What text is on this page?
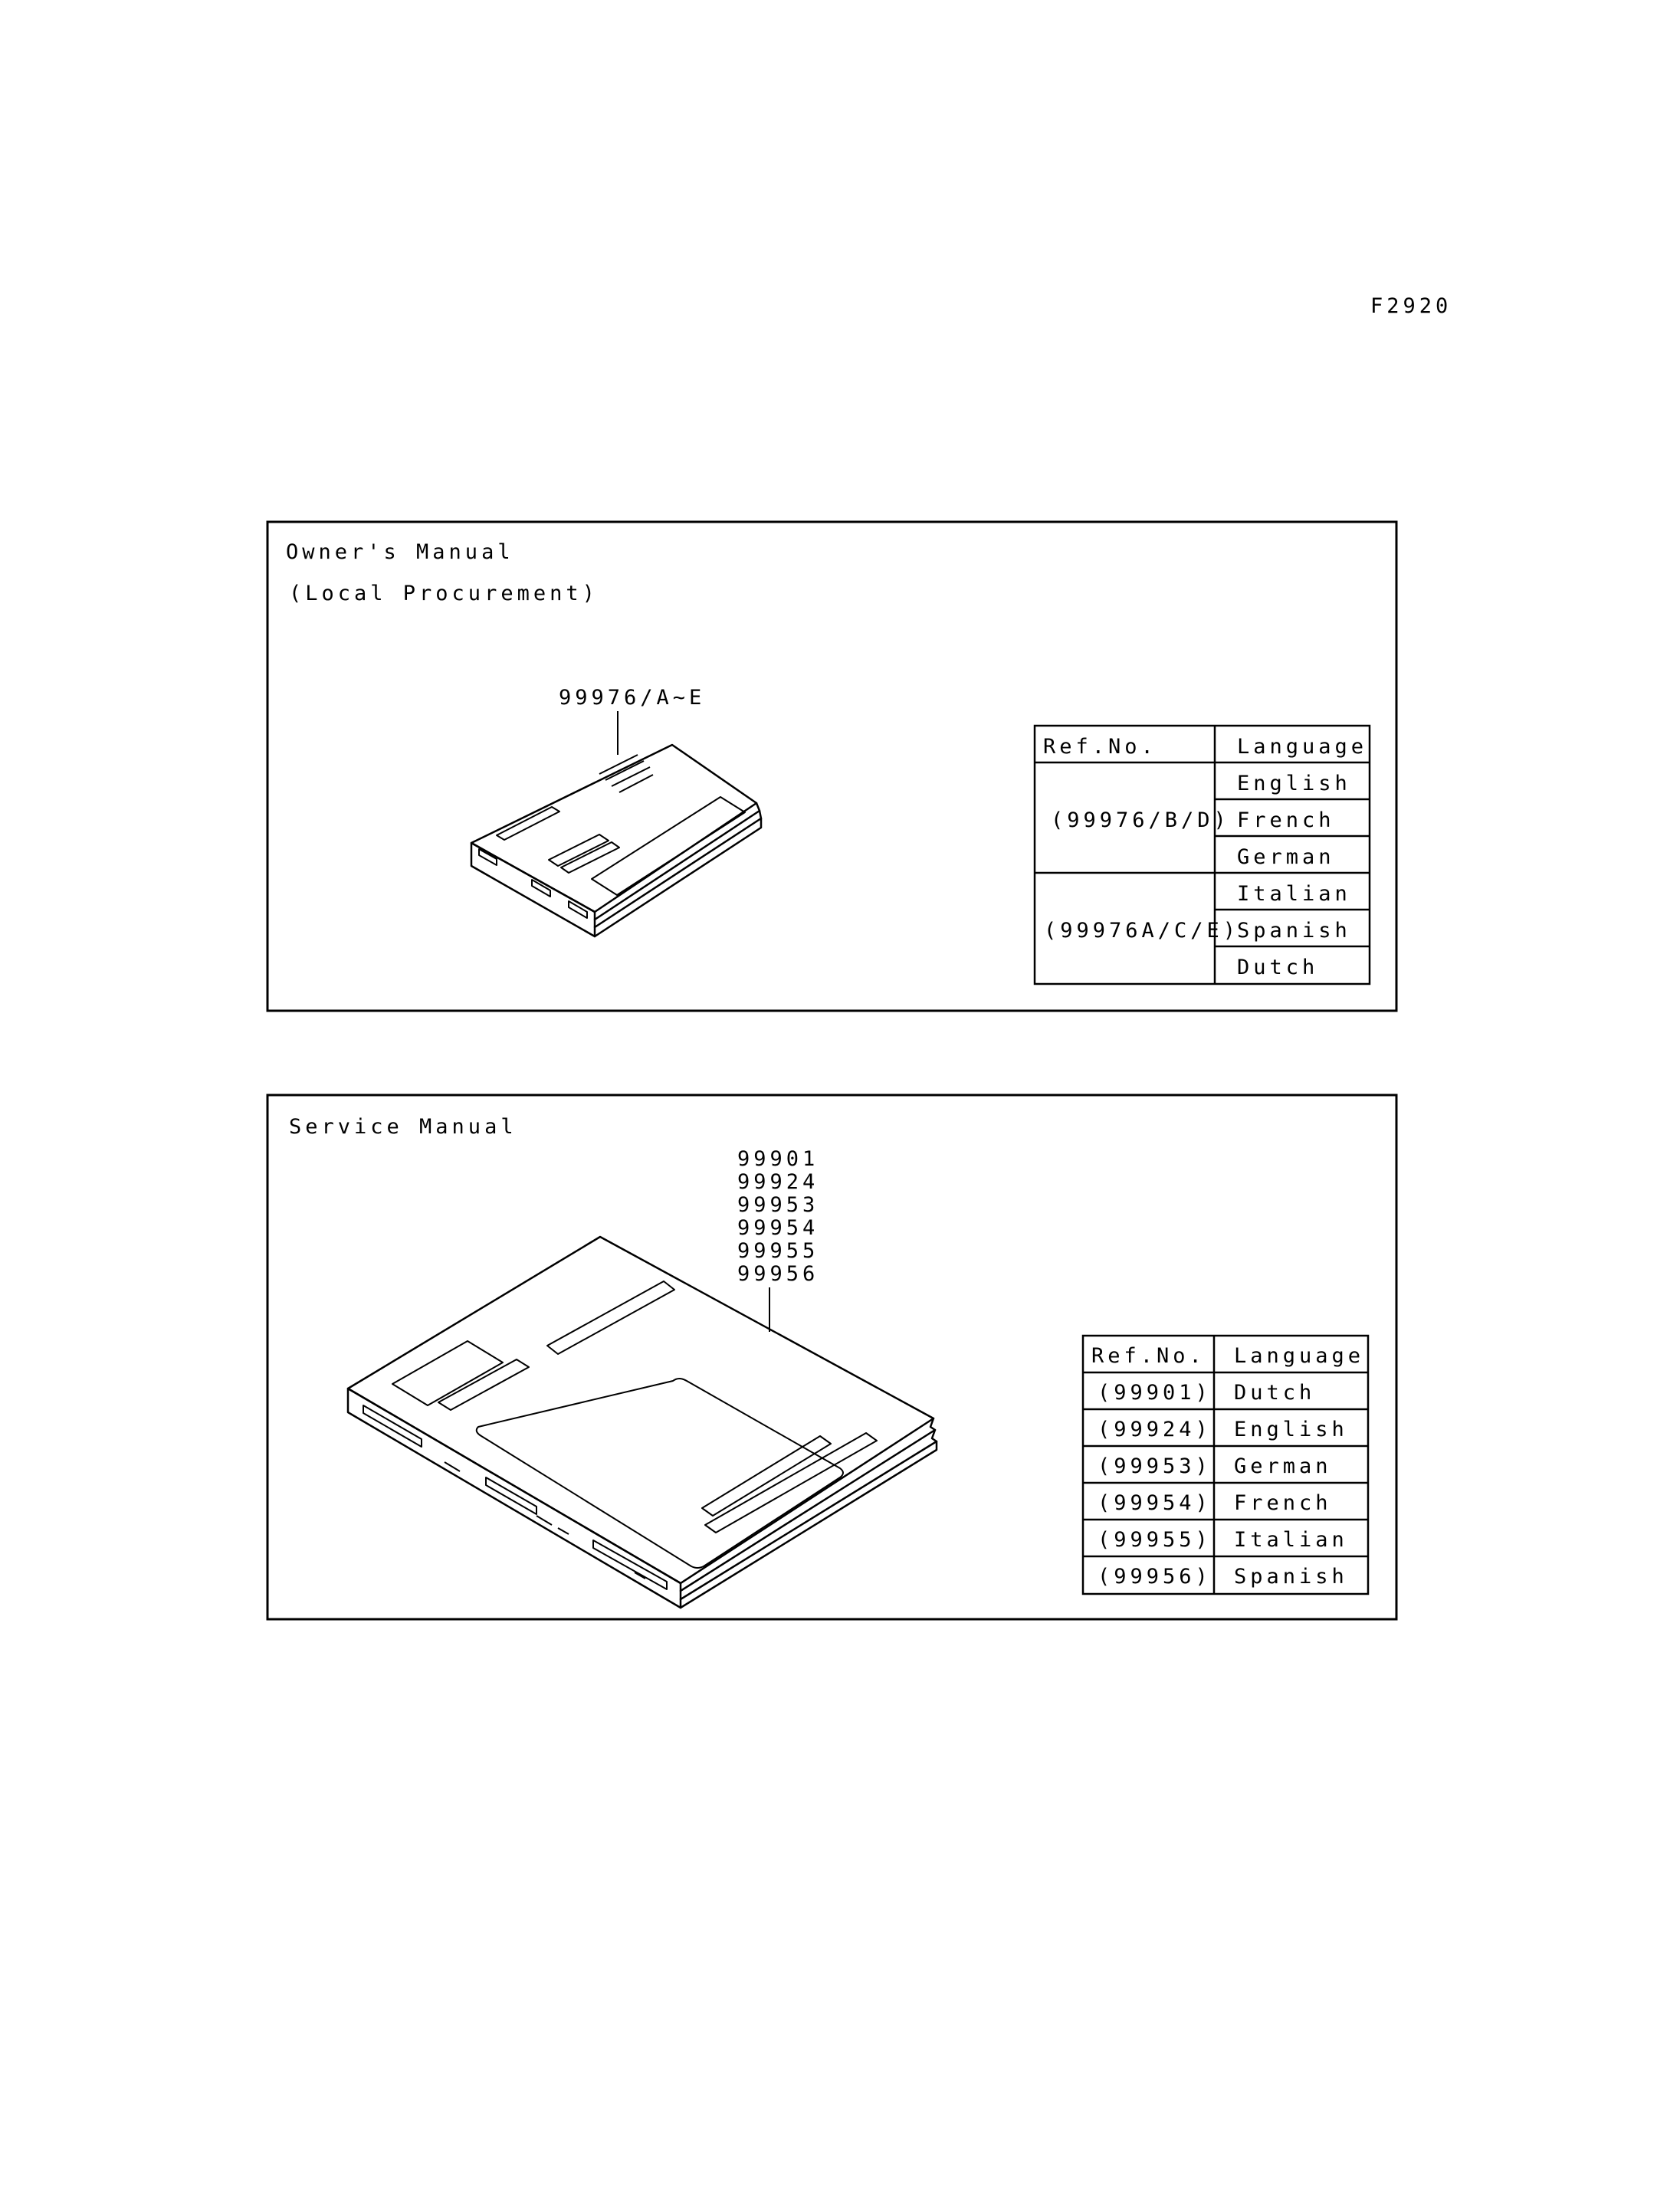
F2920
Owner's Manual
(Local Procurement)
99976/A~E
Ref.No.	Language
(99976/B/D)
English
French
German
(99976A/C/E)
Italian
Spanish
Dutch
Service Manual
99901
99924
99953
99954
99955
99956
Ref.No. Language
(99901) Dutch
(99924) English
(99953) German
(99954) French
(99955) Italian
(99956) Spanish
